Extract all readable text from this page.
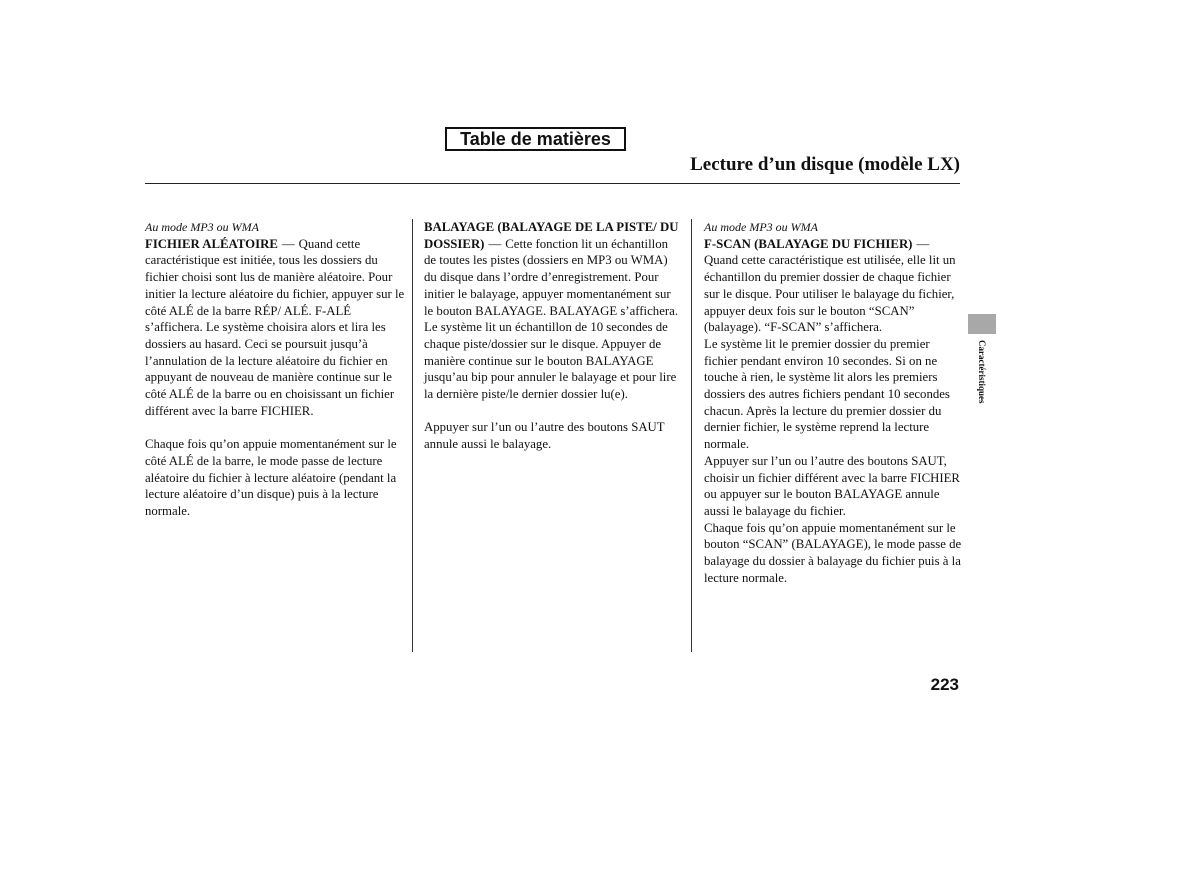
Table de matières
Lecture d’un disque (modèle LX)

Au mode MP3 ou WMA

FICHIER ALÉATOIRE — Quand cette caractéristique est initiée, tous les dossiers du fichier choisi sont lus de manière aléatoire. Pour initier la lecture aléatoire du fichier, appuyer sur le côté ALÉ de la barre RÉP/ ALÉ. F-ALÉ s’affichera. Le système choisira alors et lira les dossiers au hasard. Ceci se poursuit jusqu’à l’annulation de la lecture aléatoire du fichier en appuyant de nouveau de manière continue sur le côté ALÉ de la barre ou en choisissant un fichier différent avec la barre FICHIER.

Chaque fois qu’on appuie momentanément sur le côté ALÉ de la barre, le mode passe de lecture aléatoire du fichier à lecture aléatoire (pendant la lecture aléatoire d’un disque) puis à la lecture normale.

BALAYAGE (BALAYAGE DE LA PISTE/ DU DOSSIER) — Cette fonction lit un échantillon de toutes les pistes (dossiers en MP3 ou WMA) du disque dans l’ordre d’enregistrement. Pour initier le balayage, appuyer momentanément sur le bouton BALAYAGE. BALAYAGE s’affichera. Le système lit un échantillon de 10 secondes de chaque piste/dossier sur le disque. Appuyer de manière continue sur le bouton BALAYAGE jusqu’au bip pour annuler le balayage et pour lire la dernière piste/le dernier dossier lu(e).

Appuyer sur l’un ou l’autre des boutons SAUT annule aussi le balayage.

Au mode MP3 ou WMA

F-SCAN (BALAYAGE DU FICHIER) —Quand cette caractéristique est utilisée, elle lit un échantillon du premier dossier de chaque fichier sur le disque. Pour utiliser le balayage du fichier, appuyer deux fois sur le bouton “SCAN” (balayage). “F-SCAN” s’affichera.

Le système lit le premier dossier du premier fichier pendant environ 10 secondes. Si on ne touche à rien, le système lit alors les premiers dossiers des autres fichiers pendant 10 secondes chacun. Après la lecture du premier dossier du dernier fichier, le système reprend la lecture normale.

Appuyer sur l’un ou l’autre des boutons SAUT, choisir un fichier différent avec la barre FICHIER ou appuyer sur le bouton BALAYAGE annule aussi le balayage du fichier.

Chaque fois qu’on appuie momentanément sur le bouton “SCAN” (BALAYAGE), le mode passe de balayage du dossier à balayage du fichier puis à la lecture normale.

Caractéristiques
223
